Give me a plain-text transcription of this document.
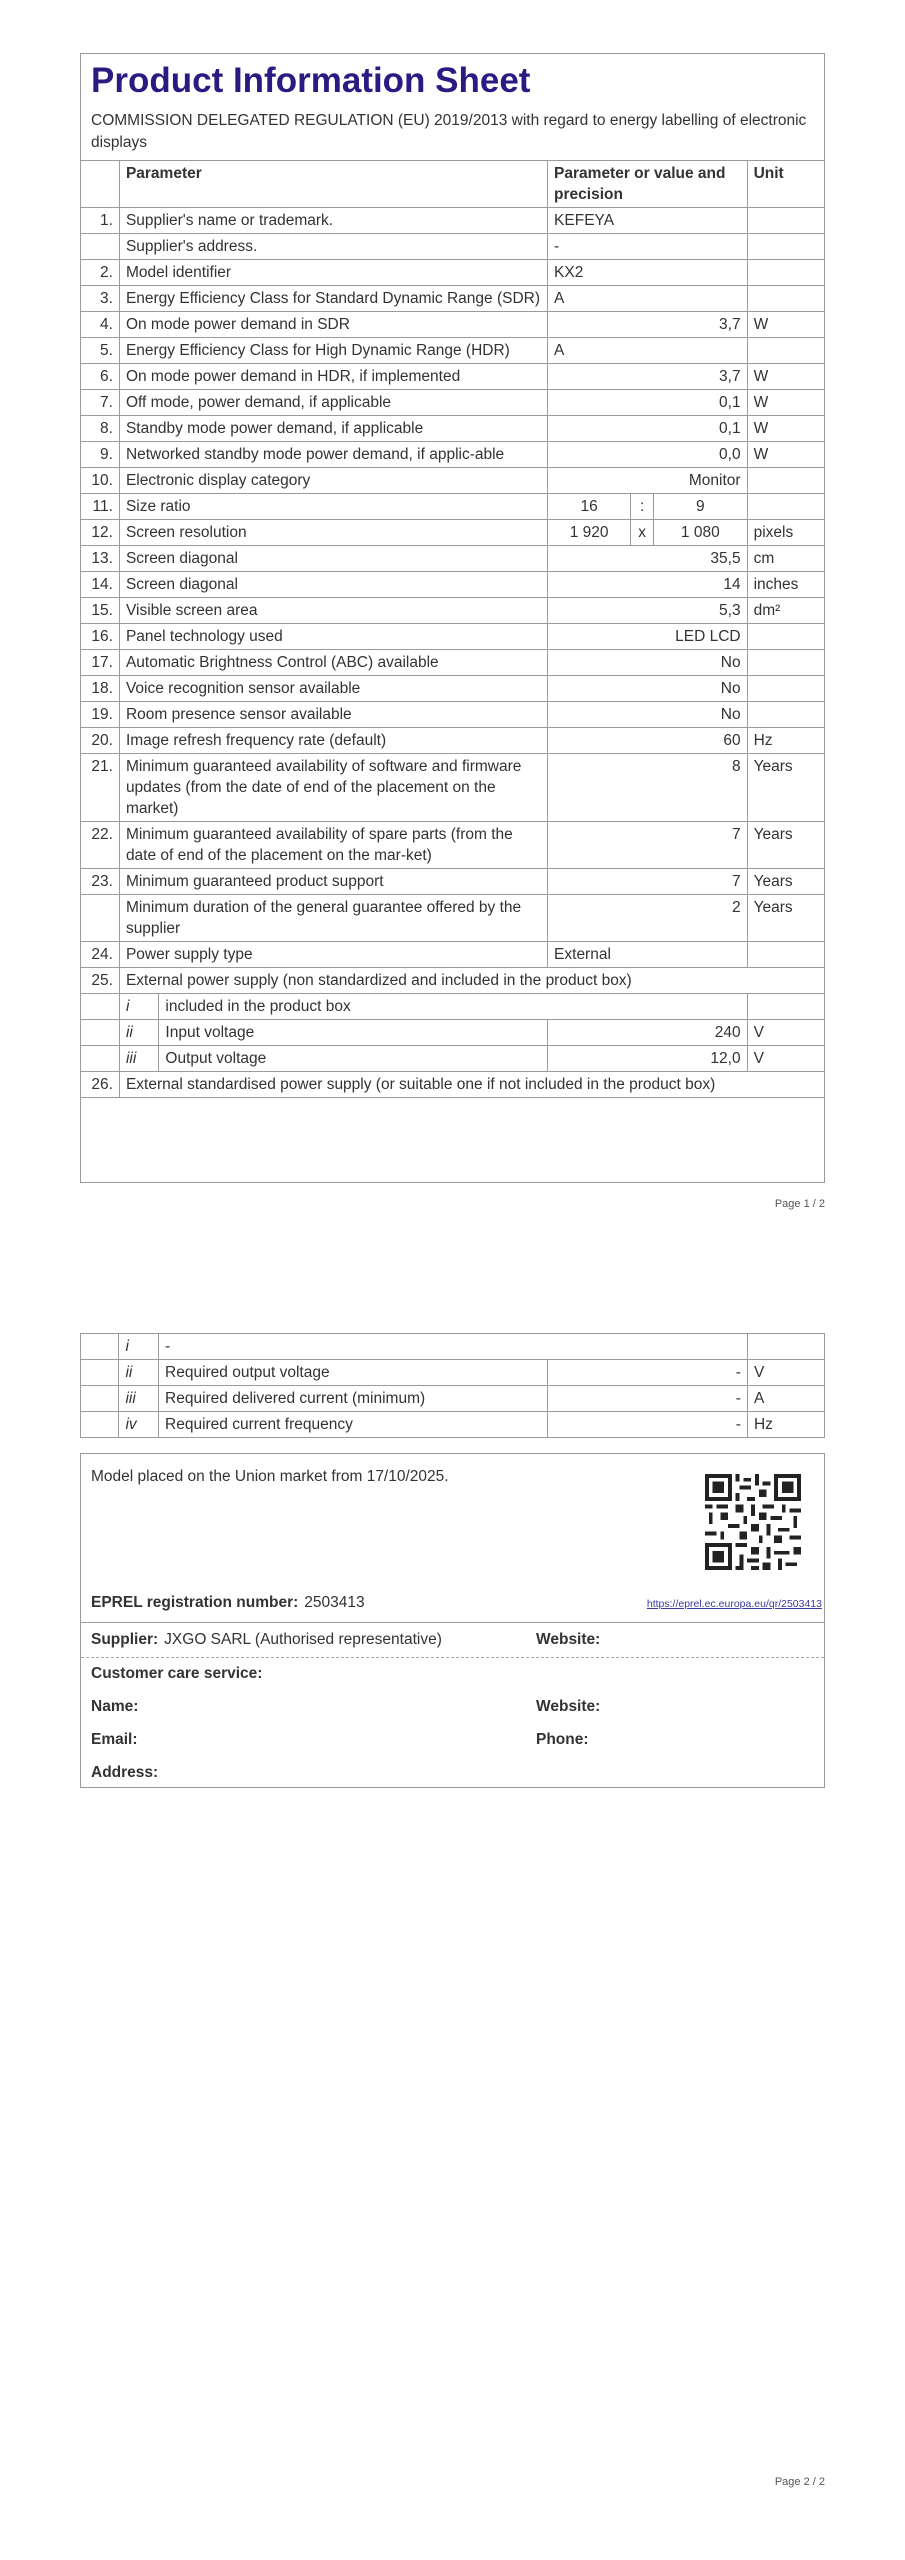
Product Information Sheet
COMMISSION DELEGATED REGULATION (EU) 2019/2013 with regard to energy labelling of electronic displays
	Parameter		Parameter or value and precision			Unit
1.	Supplier's name or trademark.		KEFEYA			
	Supplier's address.		-			
2.	Model identifier		KX2			
3.	Energy Efficiency Class for Standard Dynamic Range (SDR)		A			
4.	On mode power demand in SDR		3,7			W
5.	Energy Efficiency Class for High Dynamic Range (HDR)		A			
6.	On mode power demand in HDR, if implemented		3,7			W
7.	Off mode, power demand, if applicable		0,1			W
8.	Standby mode power demand, if applicable		0,1			W
9.	Networked standby mode power demand, if applic-able		0,0			W
10.	Electronic display category		Monitor			
11.	Size ratio		16	:	9	
12.	Screen resolution		1 920	x	1 080	pixels
13.	Screen diagonal		35,5			cm
14.	Screen diagonal		14			inches
15.	Visible screen area		5,3			dm²
16.	Panel technology used		LED LCD			
17.	Automatic Brightness Control (ABC) available		No			
18.	Voice recognition sensor available		No			
19.	Room presence sensor available		No			
20.	Image refresh frequency rate (default)		60			Hz
21.	Minimum guaranteed availability of software and firmware updates (from the date of end of the placement on the market)		8			Years
22.	Minimum guaranteed availability of spare parts (from the date of end of the placement on the mar-ket)		7			Years
23.	Minimum guaranteed product support		7			Years
	Minimum duration of the general guarantee offered by the supplier		2			Years
24.	Power supply type		External			
25.	External power supply (non standardized and included in the product box)					
	i	included in the product box				
	ii	Input voltage	240			V
	iii	Output voltage	12,0			V
26.	External standardised power supply (or suitable one if not included in the product box)					
Page 1 / 2
	i	-		
	ii	Required output voltage	-	V
	iii	Required delivered current (minimum)	-	A
	iv	Required current frequency	-	Hz
Model placed on the Union market from 17/10/2025.
EPREL registration number: 2503413	https://eprel.ec.europa.eu/qr/2503413
Supplier: JXGO SARL (Authorised representative)	Website:
Customer care service:
Name:	Website:
Email:	Phone:
Address:
Page 2 / 2
